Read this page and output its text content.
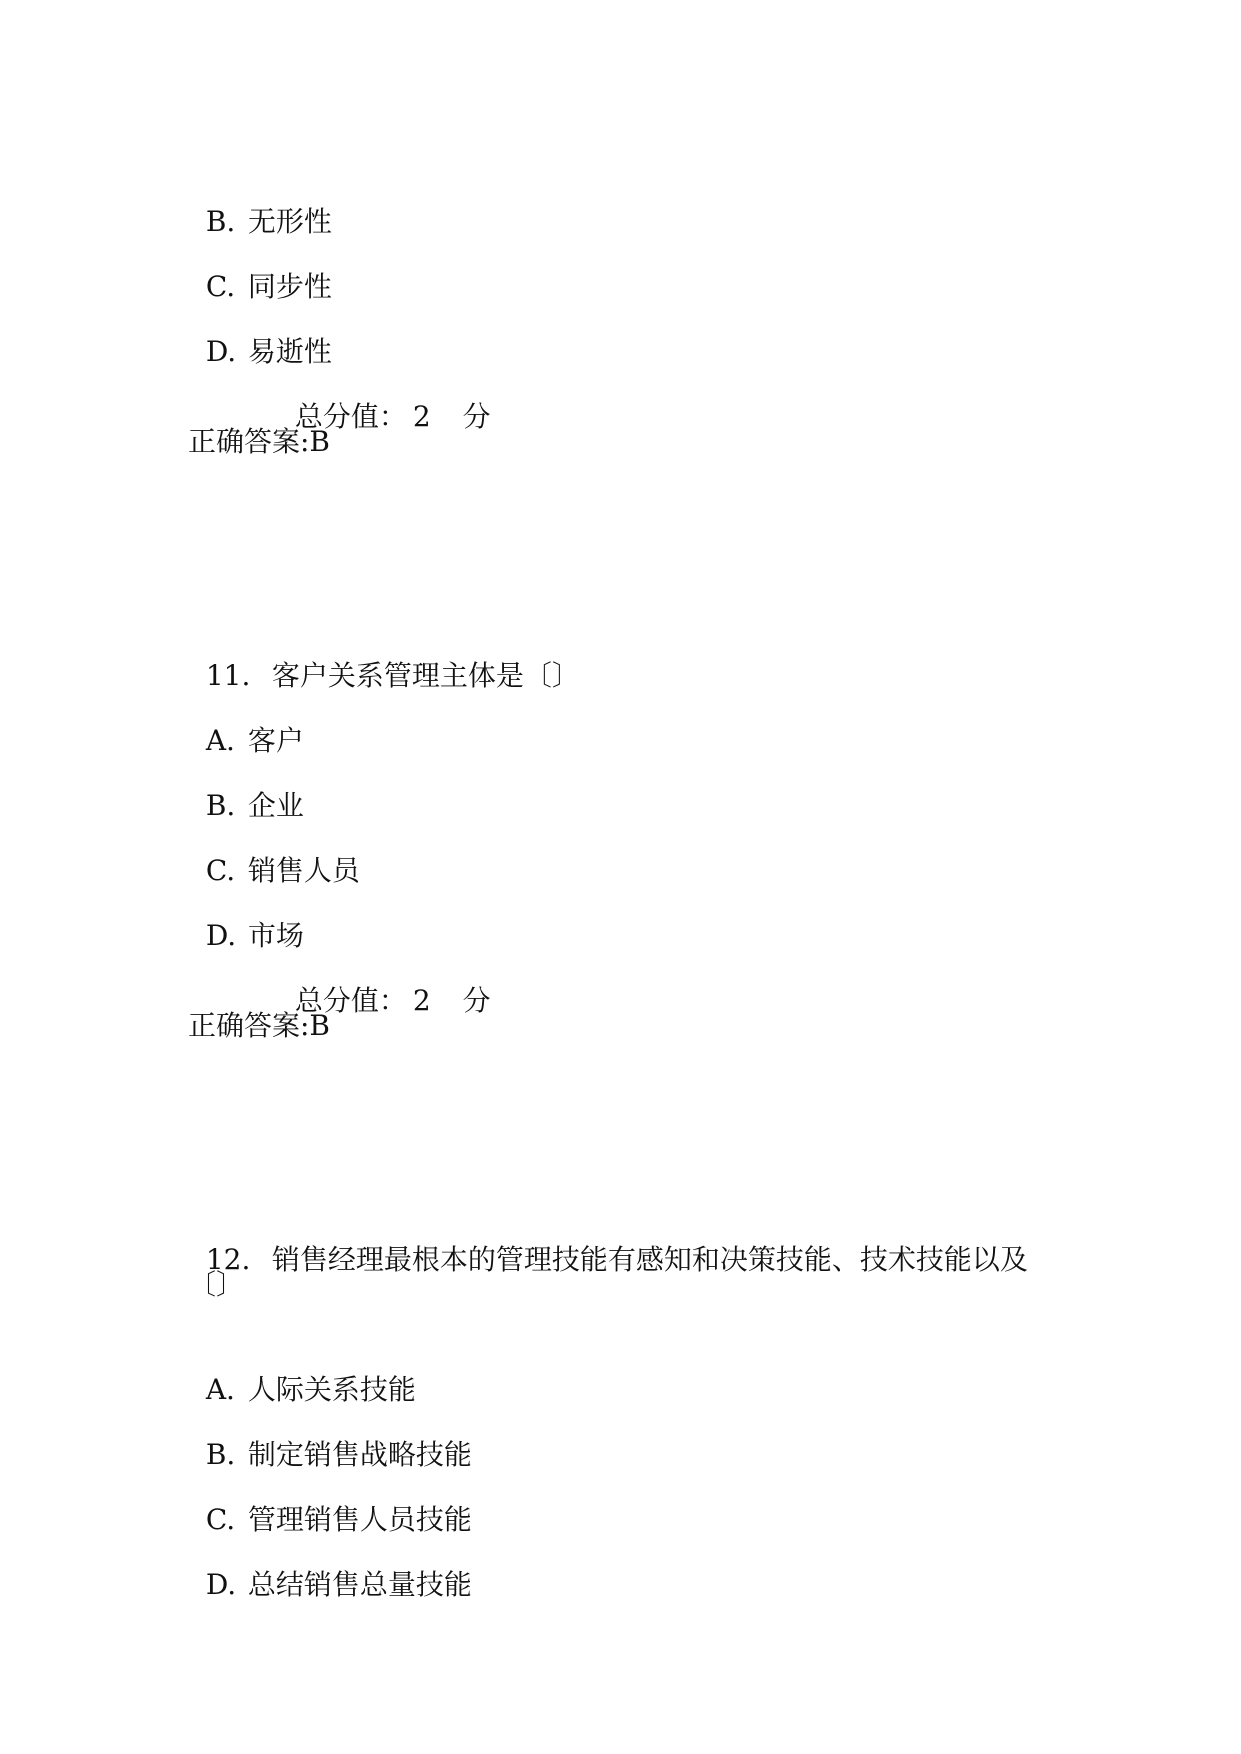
B. 无形性

C. 同步性

D. 易逝性

总分值： 2 分

正确答案:B

11. 客户关系管理主体是〔〕

A. 客户

B. 企业

C. 销售人员

D. 市场

总分值： 2 分

正确答案:B

12. 销售经理最根本的管理技能有感知和决策技能、技术技能以及

〔〕

A. 人际关系技能

B. 制定销售战略技能

C. 管理销售人员技能

D. 总结销售总量技能
